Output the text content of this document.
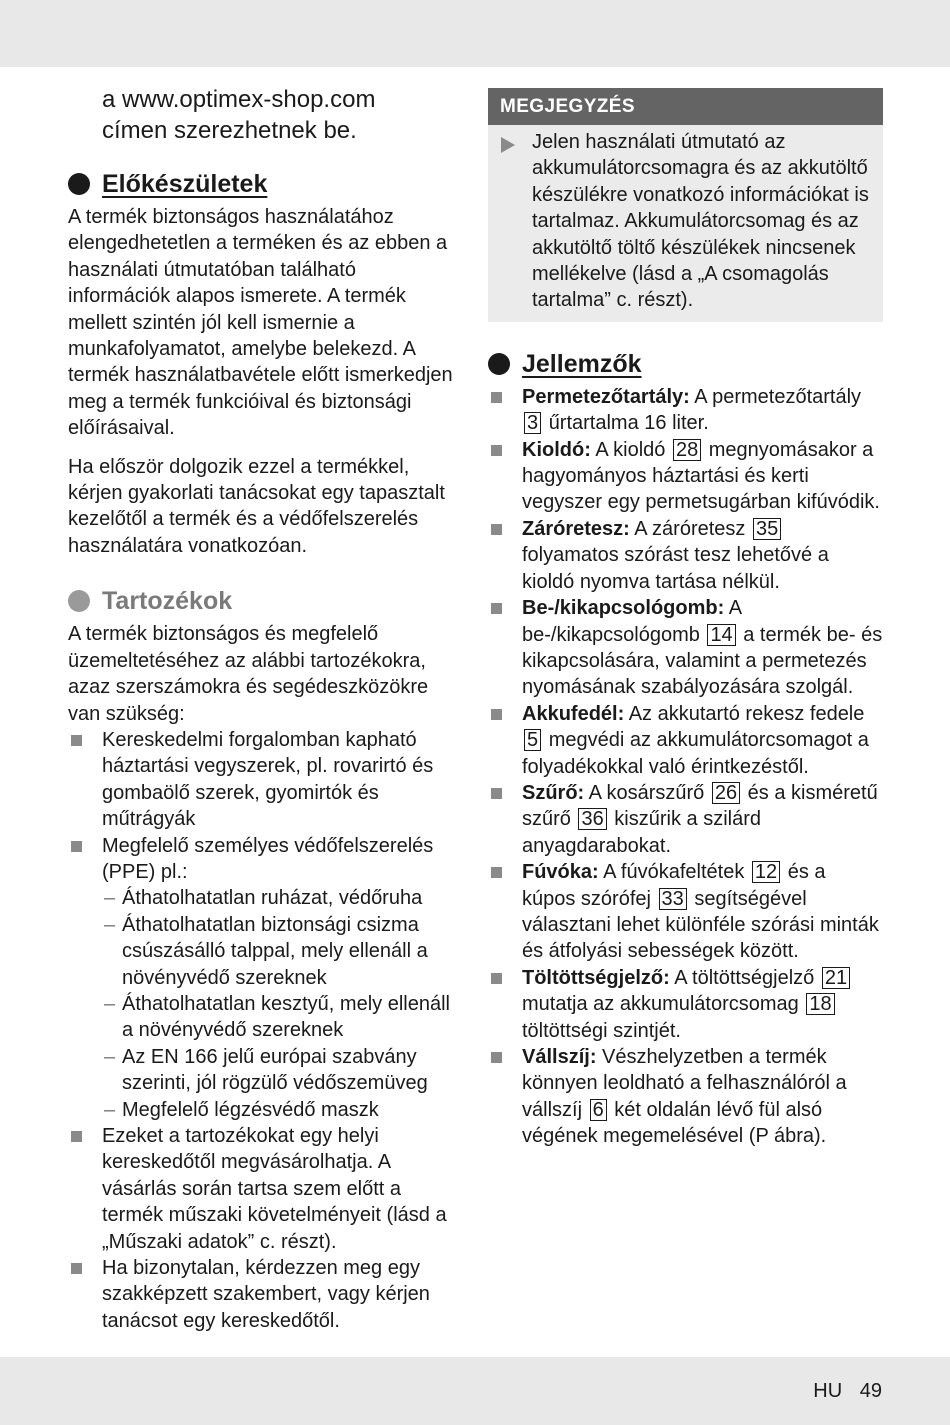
a www.optimex-shop.com
címen szerezhetnek be.
Előkészületek

A termék biztonságos használatához elengedhetetlen a terméken és az ebben a használati útmutatóban található információk alapos ismerete. A termék mellett szintén jól kell ismernie a munkafolyamatot, amelybe belekezd. A termék használatbavétele előtt ismerkedjen meg a termék funkcióival és biztonsági előírásaival.

Ha először dolgozik ezzel a termékkel, kérjen gyakorlati tanácsokat egy tapasztalt kezelőtől a termék és a védőfelszerelés használatára vonatkozóan.

Tartozékok

A termék biztonságos és megfelelő üzemeltetéséhez az alábbi tartozékokra, azaz szerszámokra és segédeszközökre van szükség:

Kereskedelmi forgalomban kapható háztartási vegyszerek, pl. rovarirtó és gombaölő szerek, gyomirtók és műtrágyák
Megfelelő személyes védőfelszerelés (PPE) pl.:
– Áthatolhatatlan ruházat, védőruha
– Áthatolhatatlan biztonsági csizma csúszásálló talppal, mely ellenáll a növényvédő szereknek
– Áthatolhatatlan kesztyű, mely ellenáll a növényvédő szereknek
– Az EN 166 jelű európai szabvány szerinti, jól rögzülő védőszemüveg
– Megfelelő légzésvédő maszk
Ezeket a tartozékokat egy helyi kereskedőtől megvásárolhatja. A vásárlás során tartsa szem előtt a termék műszaki követelményeit (lásd a „Műszaki adatok” c. részt).
Ha bizonytalan, kérdezzen meg egy szakképzett szakembert, vagy kérjen tanácsot egy kereskedőtől.
MEGJEGYZÉS
Jelen használati útmutató az akkumulátorcsomagra és az akkutöltő készülékre vonatkozó információkat is tartalmaz. Akkumulátorcsomag és az akkutöltő töltő készülékek nincsenek mellékelve (lásd a „A csomagolás tartalma” c. részt).
Jellemzők
Permetezőtartály: A permetezőtartály 3 űrtartalma 16 liter.
Kioldó: A kioldó 28 megnyomásakor a hagyományos háztartási és kerti vegyszer egy permetsugárban kifúvódik.
Záróretesz: A záróretesz 35 folyamatos szórást tesz lehetővé a kioldó nyomva tartása nélkül.
Be-/kikapcsológomb: A be-/kikapcsológomb 14 a termék be- és kikapcsolására, valamint a permetezés nyomásának szabályozására szolgál.
Akkufedél: Az akkutartó rekesz fedele 5 megvédi az akkumulátorcsomagot a folyadékokkal való érintkezéstől.
Szűrő: A kosárszűrő 26 és a kisméretű szűrő 36 kiszűrik a szilárd anyagdarabokat.
Fúvóka: A fúvókafeltétek 12 és a kúpos szórófej 33 segítségével választani lehet különféle szórási minták és átfolyási sebességek között.
Töltöttségjelző: A töltöttségjelző 21 mutatja az akkumulátorcsomag 18 töltöttségi szintjét.
Vállszíj: Vészhelyzetben a termék könnyen leoldható a felhasználóról a vállszíj 6 két oldalán lévő fül alsó végének megemelésével (P ábra).
HU 49
